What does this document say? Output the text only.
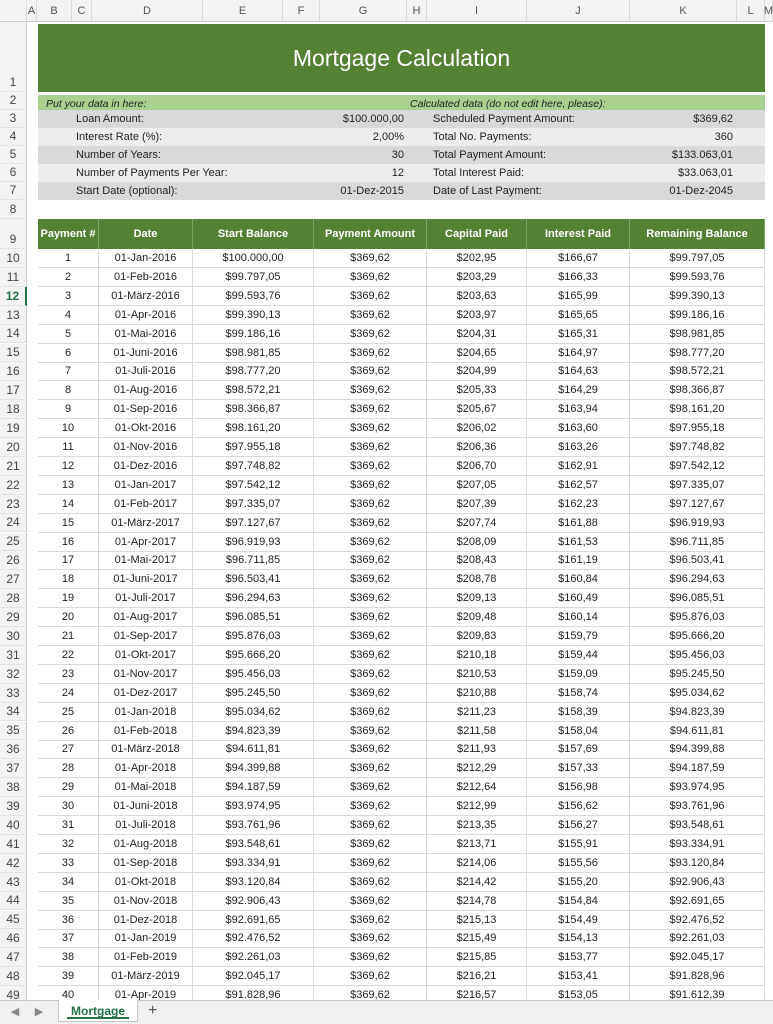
A	B	C	D	E	F	G	H	I	J	K	L M
1
2
3
4
5
6
7
8
9
10
11
12
13
14
15
16
17
18
19
20
21
22
23
24
25
26
27
28
29
30
31
32
33
34
35
36
37
38
39
40
41
42
43
44
45
46
47
48
49
Mortgage Calculation
Put your data in here:	Calculated data (do not edit here, please):
Loan Amount:	$100.000,00
Interest Rate (%):	2,00%
Number of Years:	30
Number of Payments Per Year:	12
Start Date (optional):	01-Dez-2015
Scheduled Payment Amount:	$369,62
Total No. Payments:	360
Total Payment Amount:	$133.063,01
Total Interest Paid:	$33.063,01
Date of Last Payment:	01-Dez-2045
Payment #	Date	Start Balance	Payment Amount	Capital Paid	Interest Paid	Remaining Balance
1	01-Jan-2016	$100.000,00	$369,62	$202,95	$166,67	$99.797,05
2	01-Feb-2016	$99.797,05	$369,62	$203,29	$166,33	$99.593,76
3	01-März-2016	$99.593,76	$369,62	$203,63	$165,99	$99.390,13
4	01-Apr-2016	$99.390,13	$369,62	$203,97	$165,65	$99.186,16
5	01-Mai-2016	$99.186,16	$369,62	$204,31	$165,31	$98.981,85
6	01-Juni-2016	$98.981,85	$369,62	$204,65	$164,97	$98.777,20
7	01-Juli-2016	$98.777,20	$369,62	$204,99	$164,63	$98.572,21
8	01-Aug-2016	$98.572,21	$369,62	$205,33	$164,29	$98.366,87
9	01-Sep-2016	$98.366,87	$369,62	$205,67	$163,94	$98.161,20
10	01-Okt-2016	$98.161,20	$369,62	$206,02	$163,60	$97.955,18
11	01-Nov-2016	$97.955,18	$369,62	$206,36	$163,26	$97.748,82
12	01-Dez-2016	$97.748,82	$369,62	$206,70	$162,91	$97.542,12
13	01-Jan-2017	$97.542,12	$369,62	$207,05	$162,57	$97.335,07
14	01-Feb-2017	$97.335,07	$369,62	$207,39	$162,23	$97.127,67
15	01-März-2017	$97.127,67	$369,62	$207,74	$161,88	$96.919,93
16	01-Apr-2017	$96.919,93	$369,62	$208,09	$161,53	$96.711,85
17	01-Mai-2017	$96.711,85	$369,62	$208,43	$161,19	$96.503,41
18	01-Juni-2017	$96.503,41	$369,62	$208,78	$160,84	$96.294,63
19	01-Juli-2017	$96.294,63	$369,62	$209,13	$160,49	$96.085,51
20	01-Aug-2017	$96.085,51	$369,62	$209,48	$160,14	$95.876,03
21	01-Sep-2017	$95.876,03	$369,62	$209,83	$159,79	$95.666,20
22	01-Okt-2017	$95.666,20	$369,62	$210,18	$159,44	$95.456,03
23	01-Nov-2017	$95.456,03	$369,62	$210,53	$159,09	$95.245,50
24	01-Dez-2017	$95.245,50	$369,62	$210,88	$158,74	$95.034,62
25	01-Jan-2018	$95.034,62	$369,62	$211,23	$158,39	$94.823,39
26	01-Feb-2018	$94.823,39	$369,62	$211,58	$158,04	$94.611,81
27	01-März-2018	$94.611,81	$369,62	$211,93	$157,69	$94.399,88
28	01-Apr-2018	$94.399,88	$369,62	$212,29	$157,33	$94.187,59
29	01-Mai-2018	$94.187,59	$369,62	$212,64	$156,98	$93.974,95
30	01-Juni-2018	$93.974,95	$369,62	$212,99	$156,62	$93.761,96
31	01-Juli-2018	$93.761,96	$369,62	$213,35	$156,27	$93.548,61
32	01-Aug-2018	$93.548,61	$369,62	$213,71	$155,91	$93.334,91
33	01-Sep-2018	$93.334,91	$369,62	$214,06	$155,56	$93.120,84
34	01-Okt-2018	$93.120,84	$369,62	$214,42	$155,20	$92.906,43
35	01-Nov-2018	$92.906,43	$369,62	$214,78	$154,84	$92.691,65
36	01-Dez-2018	$92.691,65	$369,62	$215,13	$154,49	$92.476,52
37	01-Jan-2019	$92.476,52	$369,62	$215,49	$154,13	$92.261,03
38	01-Feb-2019	$92.261,03	$369,62	$215,85	$153,77	$92.045,17
39	01-März-2019	$92.045,17	$369,62	$216,21	$153,41	$91.828,96
40	01-Apr-2019	$91.828,96	$369,62	$216,57	$153,05	$91.612,39
◀ ▶	Mortgage	+
